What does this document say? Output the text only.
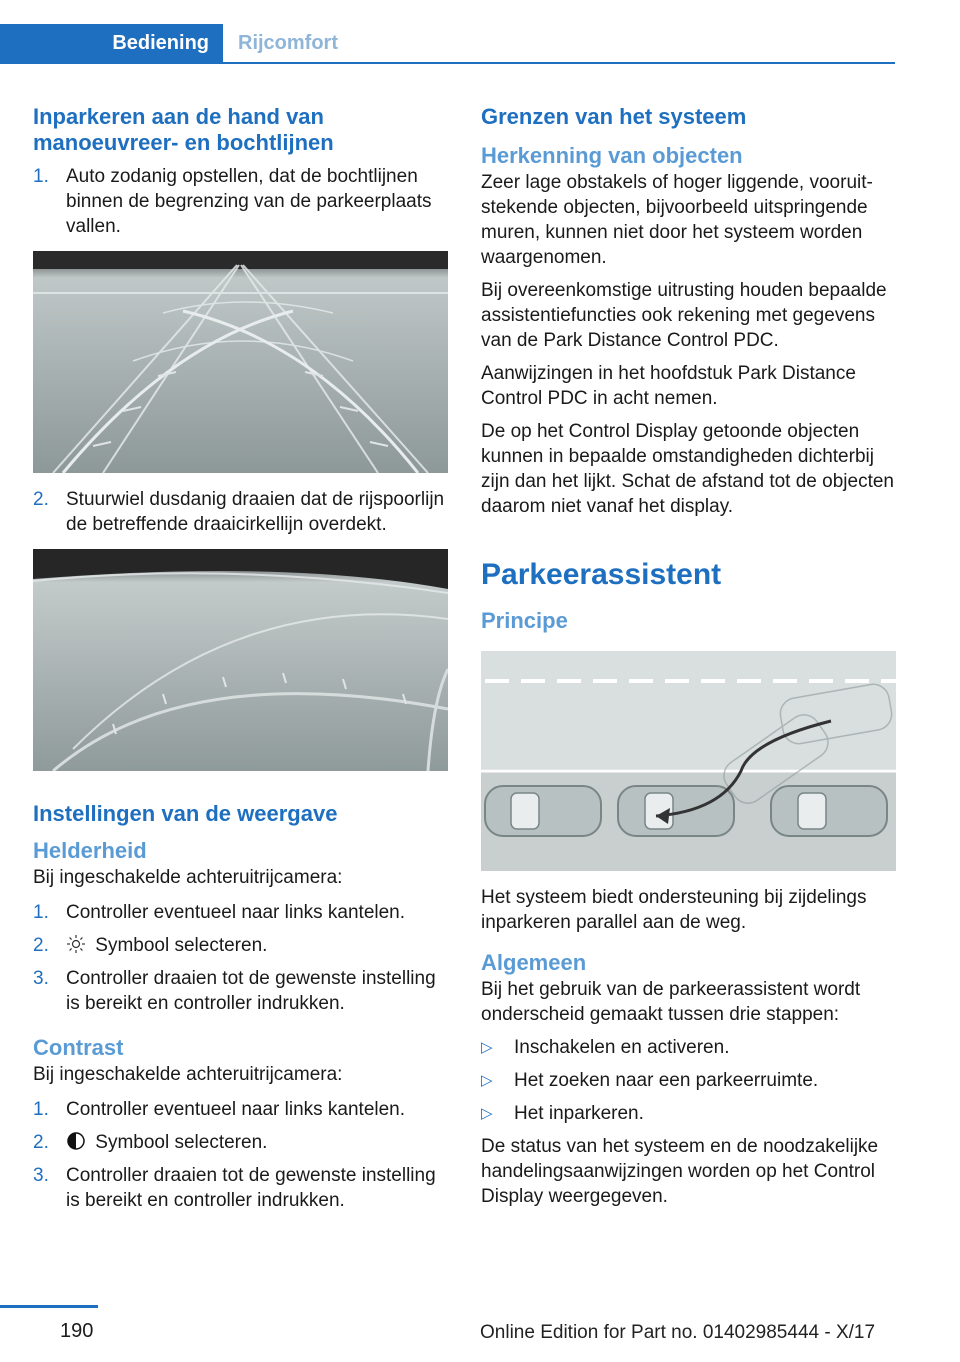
Bediening	Rijcomfort
Inparkeren aan de hand van manoeuvreer- en bochtlijnen
1. Auto zodanig opstellen, dat de bochtlijnen binnen de begrenzing van de parkeerplaats vallen.
2. Stuurwiel dusdanig draaien dat de rijspoorlijn de betreffende draaicirkellijn overdekt.
Instellingen van de weergave
Helderheid

Bij ingeschakelde achteruitrijcamera:

1. Controller eventueel naar links kantelen.
2. Symbool selecteren.
3. Controller draaien tot de gewenste instelling is bereikt en controller indrukken.
Contrast

Bij ingeschakelde achteruitrijcamera:

1. Controller eventueel naar links kantelen.
2. Symbool selecteren.
3. Controller draaien tot de gewenste instelling is bereikt en controller indrukken.
Grenzen van het systeem
Herkenning van objecten

Zeer lage obstakels of hoger liggende, vooruitstekende objecten, bijvoorbeeld uitspringende muren, kunnen niet door het systeem worden waargenomen.

Bij overeenkomstige uitrusting houden bepaalde assistentiefuncties ook rekening met gegevens van de Park Distance Control PDC.

Aanwijzingen in het hoofdstuk Park Distance Control PDC in acht nemen.

De op het Control Display getoonde objecten kunnen in bepaalde omstandigheden dichterbij zijn dan het lijkt. Schat de afstand tot de objecten daarom niet vanaf het display.

Parkeerassistent
Principe

Het systeem biedt ondersteuning bij zijdelings inparkeren parallel aan de weg.

Algemeen

Bij het gebruik van de parkeerassistent wordt onderscheid gemaakt tussen drie stappen:

▷ Inschakelen en activeren.
▷ Het zoeken naar een parkeerruimte.
▷ Het inparkeren.

De status van het systeem en de noodzakelijke handelingsaanwijzingen worden op het Control Display weergegeven.

190	Online Edition for Part no. 01402985444 - X/17
